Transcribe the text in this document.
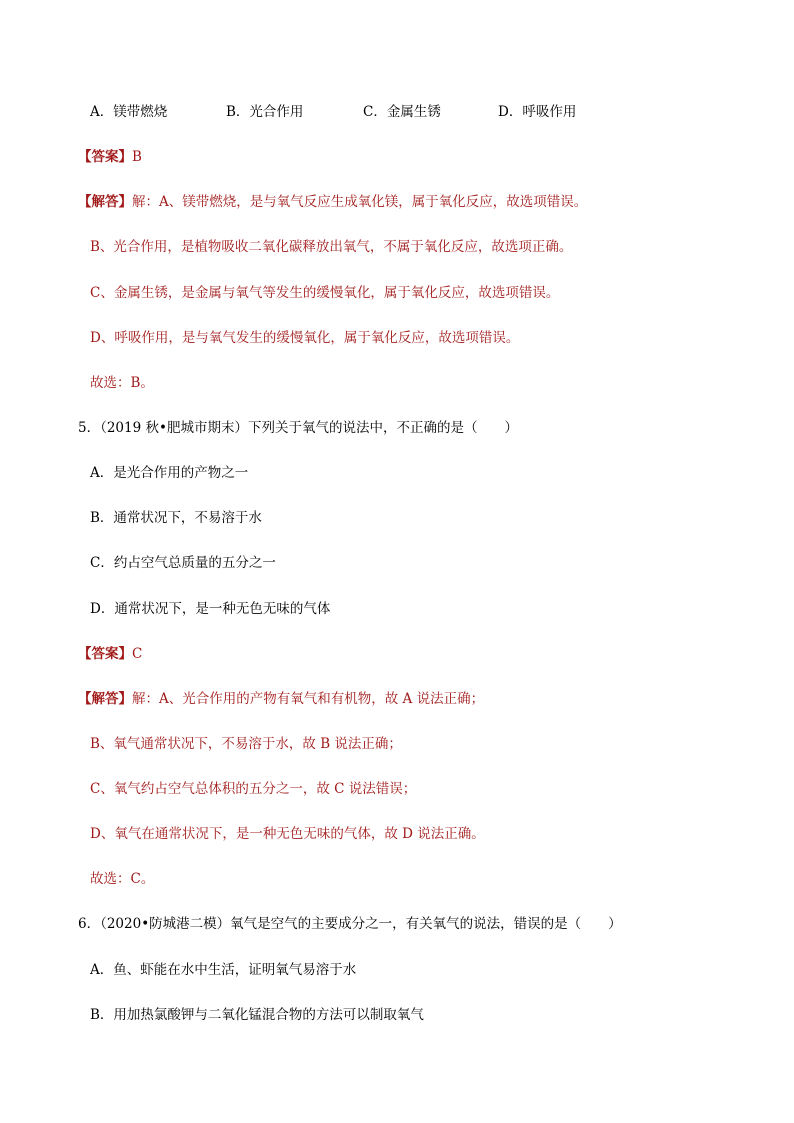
A．镁带燃烧	B．光合作用	C．金属生锈	D．呼吸作用
【答案】B
【解答】解：A、镁带燃烧，是与氧气反应生成氧化镁，属于氧化反应，故选项错误。
B、光合作用，是植物吸收二氧化碳释放出氧气，不属于氧化反应，故选项正确。
C、金属生锈，是金属与氧气等发生的缓慢氧化，属于氧化反应，故选项错误。
D、呼吸作用，是与氧气发生的缓慢氧化，属于氧化反应，故选项错误。
故选：B。
5．（2019 秋•肥城市期末）下列关于氧气的说法中，不正确的是（　　）
A．是光合作用的产物之一
B．通常状况下，不易溶于水
C．约占空气总质量的五分之一
D．通常状况下，是一种无色无味的气体
【答案】C
【解答】解：A、光合作用的产物有氧气和有机物，故 A 说法正确；
B、氧气通常状况下，不易溶于水，故 B 说法正确；
C、氧气约占空气总体积的五分之一，故 C 说法错误；
D、氧气在通常状况下，是一种无色无味的气体，故 D 说法正确。
故选：C。
6．（2020•防城港二模）氧气是空气的主要成分之一，有关氧气的说法，错误的是（　　）
A．鱼、虾能在水中生活，证明氧气易溶于水
B．用加热氯酸钾与二氧化锰混合物的方法可以制取氧气
